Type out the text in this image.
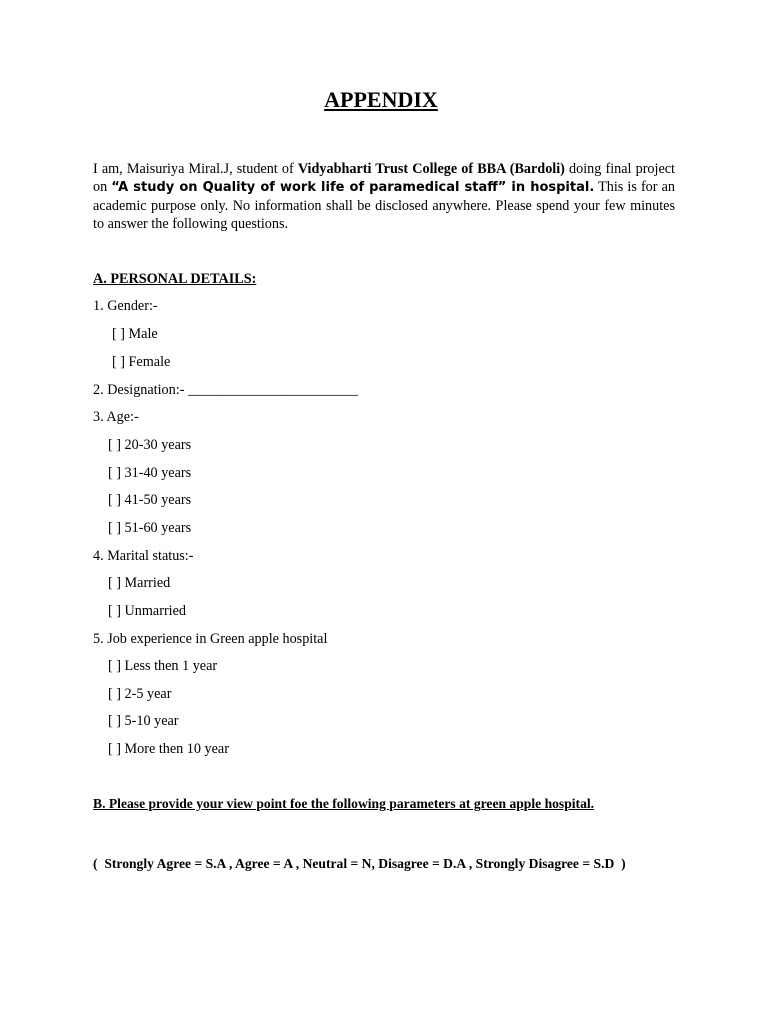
APPENDIX
I am, Maisuriya Miral.J, student of Vidyabharti Trust College of BBA (Bardoli) doing final project on “A study on Quality of work life of paramedical staff” in hospital. This is for an academic purpose only. No information shall be disclosed anywhere. Please spend your few minutes to answer the following questions.
A. PERSONAL DETAILS:
1. Gender:-
[ ] Male
[ ] Female
2. Designation:- ________________________
3. Age:-
[ ] 20-30 years
[ ] 31-40 years
[ ] 41-50 years
[ ] 51-60 years
4. Marital status:-
[ ] Married
[ ] Unmarried
5. Job experience in Green apple hospital
[ ] Less then 1 year
[ ] 2-5 year
[ ] 5-10 year
[ ] More then 10 year
B. Please provide your view point foe the following parameters at green apple hospital.
(  Strongly Agree = S.A , Agree = A , Neutral = N, Disagree = D.A , Strongly Disagree = S.D  )
